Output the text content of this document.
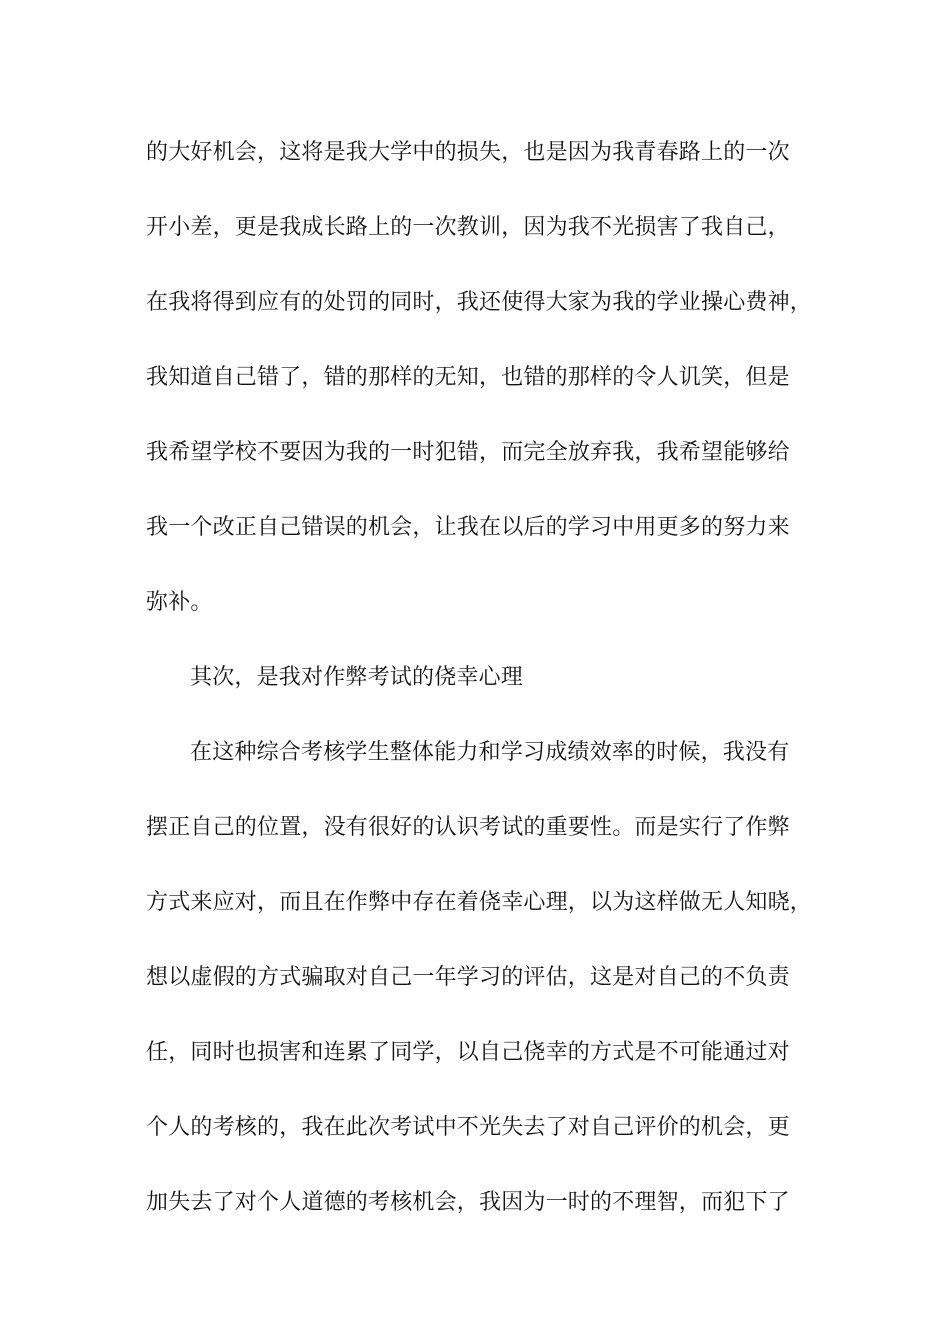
的大好机会，这将是我大学中的损失，也是因为我青春路上的一次
开小差，更是我成长路上的一次教训，因为我不光损害了我自己，
在我将得到应有的处罚的同时，我还使得大家为我的学业操心费神，
我知道自己错了，错的那样的无知，也错的那样的令人讥笑，但是
我希望学校不要因为我的一时犯错，而完全放弃我，我希望能够给
我一个改正自己错误的机会，让我在以后的学习中用更多的努力来
弥补。
其次，是我对作弊考试的侥幸心理
在这种综合考核学生整体能力和学习成绩效率的时候，我没有
摆正自己的位置，没有很好的认识考试的重要性。而是实行了作弊
方式来应对，而且在作弊中存在着侥幸心理，以为这样做无人知晓，
想以虚假的方式骗取对自己一年学习的评估，这是对自己的不负责
任，同时也损害和连累了同学，以自己侥幸的方式是不可能通过对
个人的考核的，我在此次考试中不光失去了对自己评价的机会，更
加失去了对个人道德的考核机会，我因为一时的不理智，而犯下了
